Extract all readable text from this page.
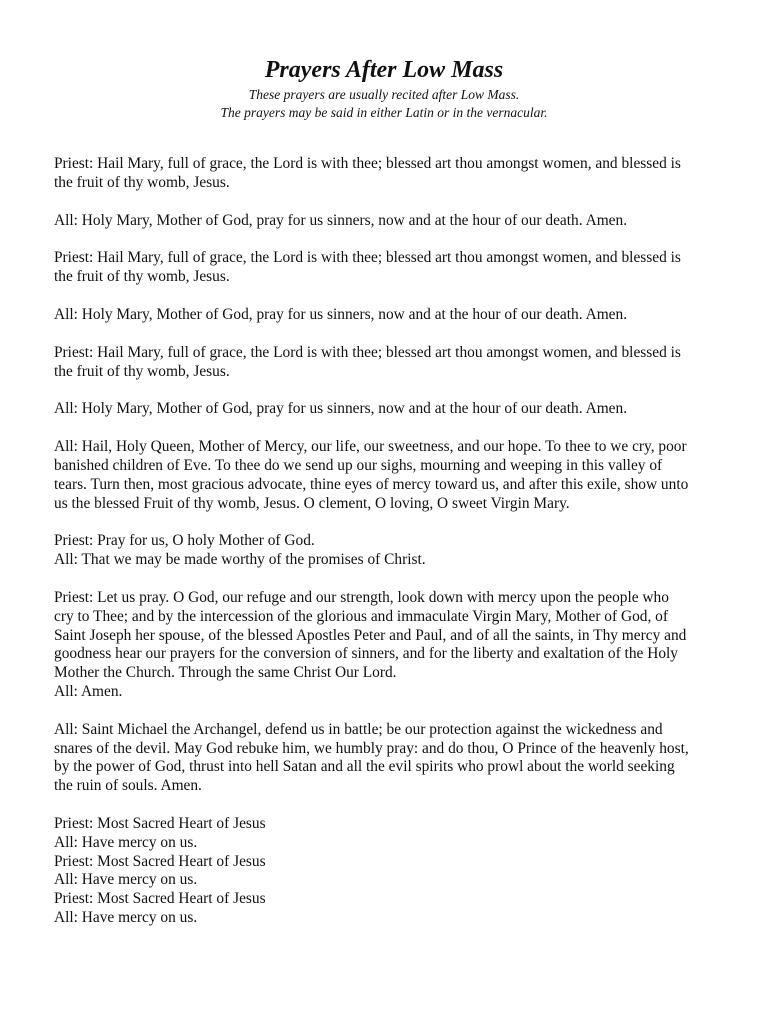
Prayers After Low Mass
These prayers are usually recited after Low Mass.
The prayers may be said in either Latin or in the vernacular.
Priest: Hail Mary, full of grace, the Lord is with thee; blessed art thou amongst women, and blessed is
the fruit of thy womb, Jesus.
All: Holy Mary, Mother of God, pray for us sinners, now and at the hour of our death. Amen.
Priest: Hail Mary, full of grace, the Lord is with thee; blessed art thou amongst women, and blessed is
the fruit of thy womb, Jesus.
All: Holy Mary, Mother of God, pray for us sinners, now and at the hour of our death. Amen.
Priest: Hail Mary, full of grace, the Lord is with thee; blessed art thou amongst women, and blessed is
the fruit of thy womb, Jesus.
All: Holy Mary, Mother of God, pray for us sinners, now and at the hour of our death. Amen.
All: Hail, Holy Queen, Mother of Mercy, our life, our sweetness, and our hope. To thee to we cry, poor
banished children of Eve. To thee do we send up our sighs, mourning and weeping in this valley of
tears. Turn then, most gracious advocate, thine eyes of mercy toward us, and after this exile, show unto
us the blessed Fruit of thy womb, Jesus. O clement, O loving, O sweet Virgin Mary.
Priest: Pray for us, O holy Mother of God.
All: That we may be made worthy of the promises of Christ.
Priest: Let us pray. O God, our refuge and our strength, look down with mercy upon the people who
cry to Thee; and by the intercession of the glorious and immaculate Virgin Mary, Mother of God, of
Saint Joseph her spouse, of the blessed Apostles Peter and Paul, and of all the saints, in Thy mercy and
goodness hear our prayers for the conversion of sinners, and for the liberty and exaltation of the Holy
Mother the Church. Through the same Christ Our Lord.
All: Amen.
All: Saint Michael the Archangel, defend us in battle; be our protection against the wickedness and
snares of the devil. May God rebuke him, we humbly pray: and do thou, O Prince of the heavenly host,
by the power of God, thrust into hell Satan and all the evil spirits who prowl about the world seeking
the ruin of souls. Amen.
Priest: Most Sacred Heart of Jesus
All: Have mercy on us.
Priest: Most Sacred Heart of Jesus
All: Have mercy on us.
Priest: Most Sacred Heart of Jesus
All: Have mercy on us.
